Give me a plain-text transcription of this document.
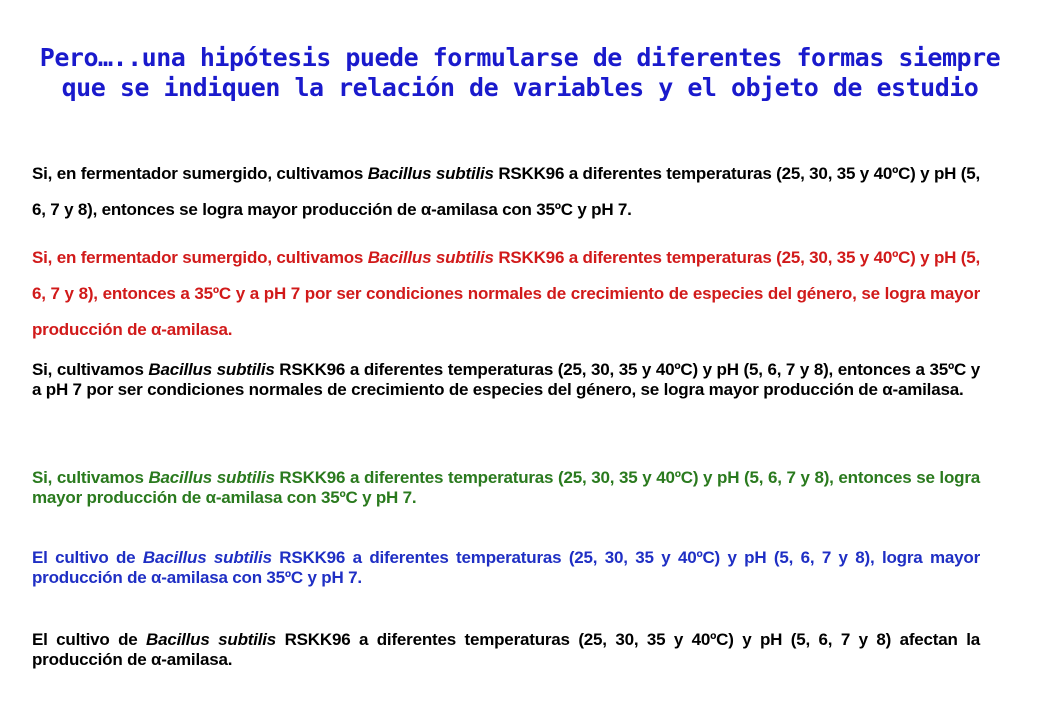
Pero…..una hipótesis puede formularse de diferentes formas siempre que se indiquen la relación de variables y el objeto de estudio

Si, en fermentador sumergido, cultivamos Bacillus subtilis RSKK96 a diferentes temperaturas (25, 30, 35 y 40ºC) y pH (5, 6, 7 y 8), entonces se logra mayor producción de α-amilasa con 35ºC y pH 7.

Si, en fermentador sumergido, cultivamos Bacillus subtilis RSKK96 a diferentes temperaturas (25, 30, 35 y 40ºC) y pH (5, 6, 7 y 8), entonces a 35ºC y a pH 7 por ser condiciones normales de crecimiento de especies del género, se logra mayor producción de α-amilasa.

Si, cultivamos Bacillus subtilis RSKK96 a diferentes temperaturas (25, 30, 35 y 40ºC) y pH (5, 6, 7 y 8), entonces a 35ºC y a pH 7 por ser condiciones normales de crecimiento de especies del género, se logra mayor producción de α-amilasa.

Si, cultivamos Bacillus subtilis RSKK96 a diferentes temperaturas (25, 30, 35 y 40ºC) y pH (5, 6, 7 y 8), entonces se logra mayor producción de α-amilasa con 35ºC y pH 7.

El cultivo de Bacillus subtilis RSKK96 a diferentes temperaturas (25, 30, 35 y 40ºC) y pH (5, 6, 7 y 8), logra mayor producción de α-amilasa con 35ºC y pH 7.

El cultivo de Bacillus subtilis RSKK96 a diferentes temperaturas (25, 30, 35 y 40ºC) y pH (5, 6, 7 y 8) afectan la producción de α-amilasa.
